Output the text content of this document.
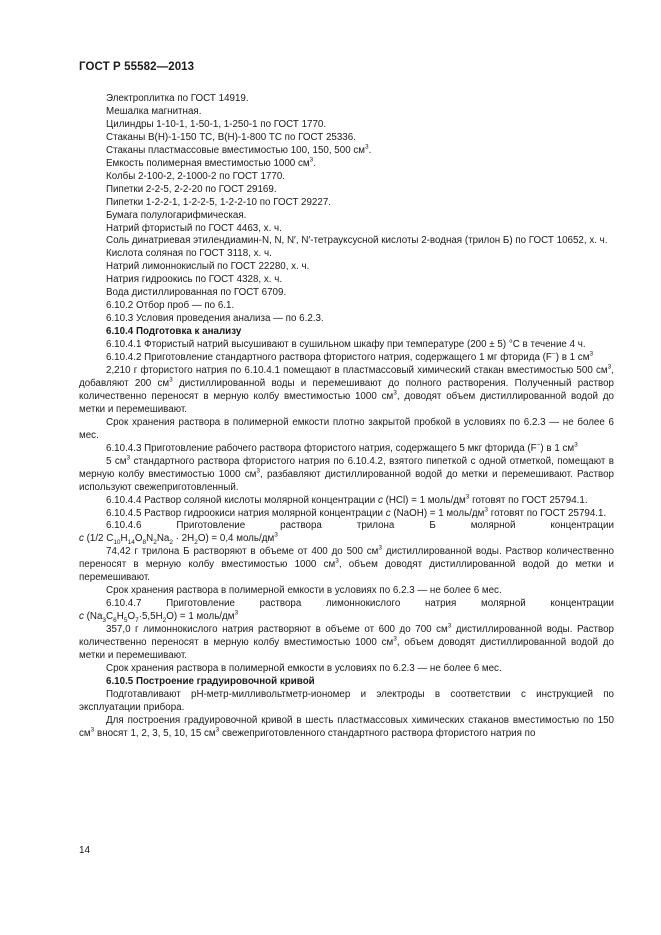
ГОСТ Р 55582—2013

Электроплитка по ГОСТ 14919.

Мешалка магнитная.

Цилиндры 1-10-1, 1-50-1, 1-250-1 по ГОСТ 1770.

Стаканы В(Н)-1-150 ТС, В(Н)-1-800 ТС по ГОСТ 25336.

Стаканы пластмассовые вместимостью 100, 150, 500 $см^3$.

Емкость полимерная вместимостью 1000 $см^3$.

Колбы 2-100-2, 2-1000-2 по ГОСТ 1770.

Пипетки 2-2-5, 2-2-20 по ГОСТ 29169.

Пипетки 1-2-2-1, 1-2-2-5, 1-2-2-10 по ГОСТ 29227.

Бумага полулогарифмическая.

Натрий фтористый по ГОСТ 4463, х. ч.

Соль динатриевая этилендиамин-N, N, N′, N′-тетрауксусной кислоты 2-водная (трилон Б) по ГОСТ 10652, х. ч.

Кислота соляная по ГОСТ 3118, х. ч.

Натрий лимоннокислый по ГОСТ 22280, х. ч.

Натрия гидроокись по ГОСТ 4328, х. ч.

Вода дистиллированная по ГОСТ 6709.

6.10.2 Отбор проб — по 6.1.

6.10.3 Условия проведения анализа — по 6.2.3.

6.10.4 Подготовка к анализу

6.10.4.1 Фтористый натрий высушивают в сушильном шкафу при температуре (200 ± 5) °С в течение 4 ч.

6.10.4.2 Приготовление стандартного раствора фтористого натрия, содержащего 1 мг фторида (F−) в 1 $см^3$

2,210 г фтористого натрия по 6.10.4.1 помещают в пластмассовый химический стакан вместимостью 500 $см^3$, добавляют 200 $см^3$ дистиллированной воды и перемешивают до полного растворения. Полученный раствор количественно переносят в мерную колбу вместимостью 1000 $см^3$, доводят объем дистиллированной водой до метки и перемешивают.

Срок хранения раствора в полимерной емкости плотно закрытой пробкой в условиях по 6.2.3 — не более 6 мес.

6.10.4.3 Приготовление рабочего раствора фтористого натрия, содержащего 5 мкг фторида (F−) в 1 $см^3$

5 $см^3$ стандартного раствора фтористого натрия по 6.10.4.2, взятого пипеткой с одной отметкой, помещают в мерную колбу вместимостью 1000 $см^3$, разбавляют дистиллированной водой до метки и перемешивают. Раствор используют свежеприготовленный.

6.10.4.4 Раствор соляной кислоты молярной концентрации c (HCl) = 1 моль/$дм^3$ готовят по ГОСТ 25794.1.

6.10.4.5 Раствор гидроокиси натрия молярной концентрации c (NaOH) = 1 моль/$дм^3$ готовят по ГОСТ 25794.1.

6.10.4.6	Приготовление	раствора	трилона	Б	молярной	концентрации

c (1/2 $C_{10}H_{14}O_8N_2Na_2 \cdot 2H_2O) = 0,4$ моль/$дм^3$

74,42 г трилона Б растворяют в объеме от 400 до 500 $см^3$ дистиллированной воды. Раствор количественно переносят в мерную колбу вместимостью 1000 $см^3$, объем доводят дистиллированной водой до метки и перемешивают.

Срок хранения раствора в полимерной емкости в условиях по 6.2.3 — не более 6 мес.

6.10.4.7	Приготовление	раствора	лимоннокислого	натрия	молярной	концентрации

c $(Na_3C_6H_5O_7\cdot 5,5H_2O) = 1$ моль/$дм^3$

357,0 г лимоннокислого натрия растворяют в объеме от 600 до 700 $см^3$ дистиллированной воды. Раствор количественно переносят в мерную колбу вместимостью 1000 $см^3$, объем доводят дистиллированной водой до метки и перемешивают.

Срок хранения раствора в полимерной емкости в условиях по 6.2.3 — не более 6 мес.

6.10.5 Построение градуировочной кривой

Подготавливают рН-метр-милливольтметр-иономер и электроды в соответствии с инструкцией по эксплуатации прибора.

Для построения градуировочной кривой в шесть пластмассовых химических стаканов вместимостью по 150 $см^3$ вносят 1, 2, 3, 5, 10, 15 $см^3$ свежеприготовленного стандартного раствора фтористого натрия по

14
